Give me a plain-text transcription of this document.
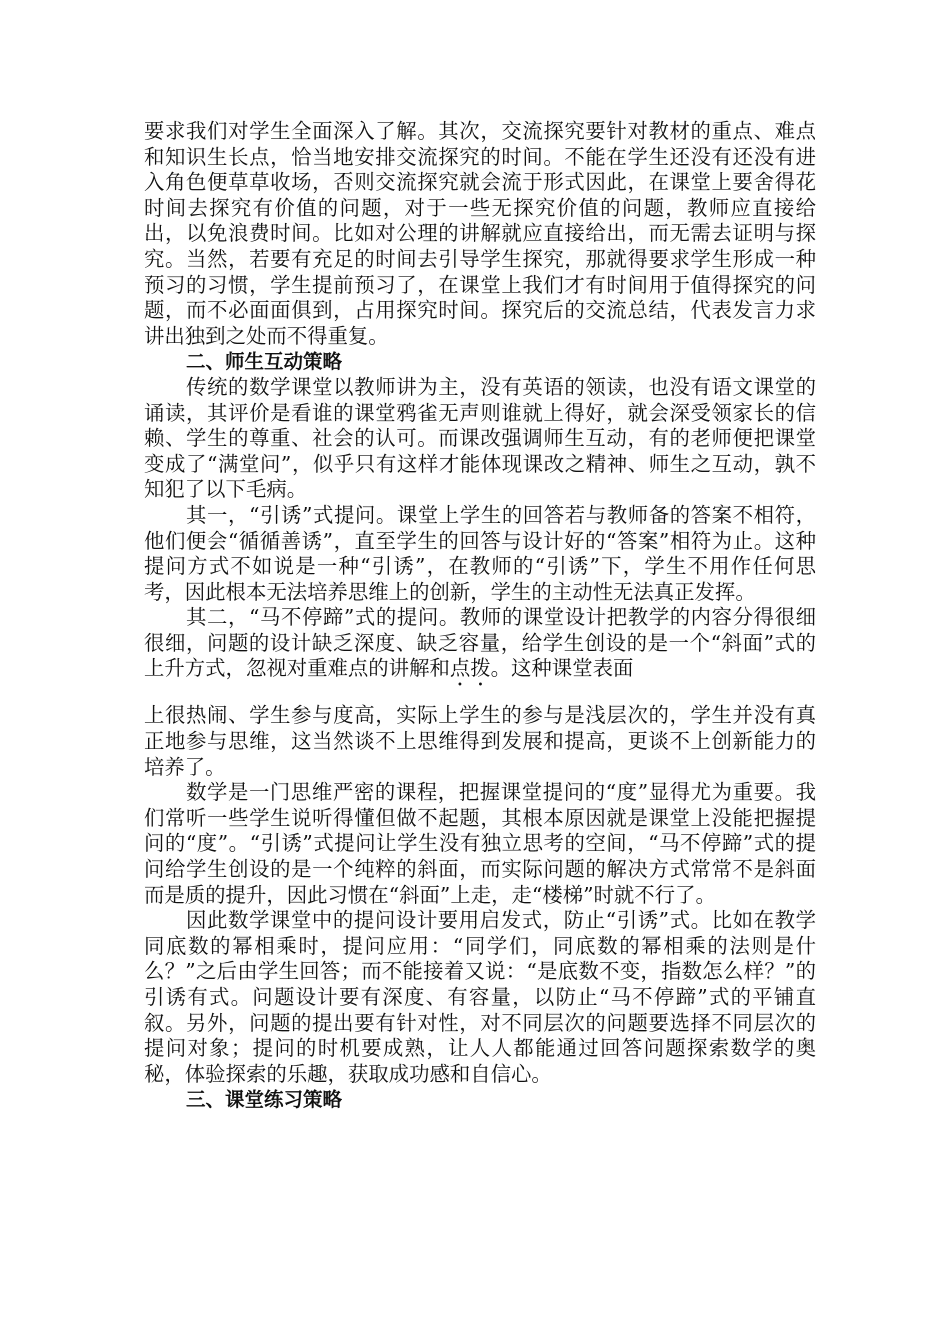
要求我们对学生全面深入了解。其次，交流探究要针对教材的重点、难点和知识生长点，恰当地安排交流探究的时间。不能在学生还没有还没有进入角色便草草收场，否则交流探究就会流于形式因此，在课堂上要舍得花时间去探究有价值的问题，对于一些无探究价值的问题，教师应直接给出，以免浪费时间。比如对公理的讲解就应直接给出，而无需去证明与探究。当然，若要有充足的时间去引导学生探究，那就得要求学生形成一种预习的习惯，学生提前预习了，在课堂上我们才有时间用于值得探究的问题，而不必面面俱到，占用探究时间。探究后的交流总结，代表发言力求讲出独到之处而不得重复。

二、师生互动策略

传统的数学课堂以教师讲为主，没有英语的领读，也没有语文课堂的诵读，其评价是看谁的课堂鸦雀无声则谁就上得好，就会深受领家长的信赖、学生的尊重、社会的认可。而课改强调师生互动，有的老师便把课堂变成了“满堂问”，似乎只有这样才能体现课改之精神、师生之互动，孰不知犯了以下毛病。

其一，“引诱”式提问。课堂上学生的回答若与教师备的答案不相符，他们便会“循循善诱”，直至学生的回答与设计好的“答案”相符为止。这种提问方式不如说是一种“引诱”，在教师的“引诱”下，学生不用作任何思考，因此根本无法培养思维上的创新，学生的主动性无法真正发挥。

其二，“马不停蹄”式的提问。教师的课堂设计把教学的内容分得很细很细，问题的设计缺乏深度、缺乏容量，给学生创设的是一个“斜面”式的上升方式，忽视对重难点的讲解和点拨。这种课堂表面
上很热闹、学生参与度高，实际上学生的参与是浅层次的，学生并没有真正地参与思维，这当然谈不上思维得到发展和提高，更谈不上创新能力的培养了。

数学是一门思维严密的课程，把握课堂提问的“度”显得尤为重要。我们常听一些学生说听得懂但做不起题，其根本原因就是课堂上没能把握提问的“度”。“引诱”式提问让学生没有独立思考的空间，“马不停蹄”式的提问给学生创设的是一个纯粹的斜面，而实际问题的解决方式常常不是斜面而是质的提升，因此习惯在“斜面”上走，走“楼梯”时就不行了。

因此数学课堂中的提问设计要用启发式，防止“引诱”式。比如在教学同底数的幂相乘时，提问应用：“同学们，同底数的幂相乘的法则是什么？”之后由学生回答；而不能接着又说：“是底数不变，指数怎么样？”的引诱有式。问题设计要有深度、有容量，以防止“马不停蹄”式的平铺直叙。另外，问题的提出要有针对性，对不同层次的问题要选择不同层次的提问对象；提问的时机要成熟，让人人都能通过回答问题探索数学的奥秘，体验探索的乐趣，获取成功感和自信心。

三、课堂练习策略
